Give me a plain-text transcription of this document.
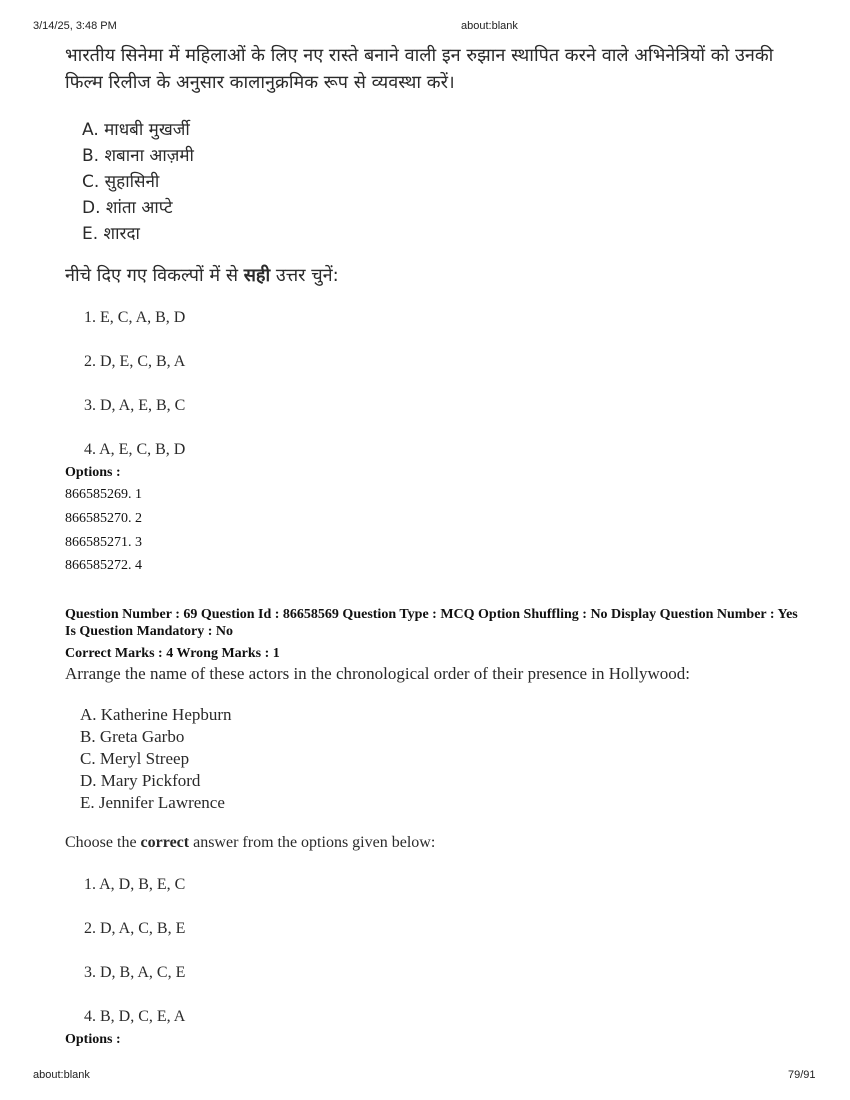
3/14/25, 3:48 PM	about:blank
भारतीय सिनेमा में महिलाओं के लिए नए रास्ते बनाने वाली इन रुझान स्थापित करने वाले अभिनेत्रियों को उनकी फिल्म रिलीज के अनुसार कालानुक्रमिक रूप से व्यवस्था करें।
A. माधबी मुखर्जी
B. शबाना आज़मी
C. सुहासिनी
D. शांता आप्टे
E. शारदा
नीचे दिए गए विकल्पों में से सही उत्तर चुनें:
1. E, C, A, B, D
2. D, E, C, B, A
3. D, A, E, B, C
4. A, E, C, B, D
Options :
866585269. 1
866585270. 2
866585271. 3
866585272. 4
Question Number : 69 Question Id : 86658569 Question Type : MCQ Option Shuffling : No Display Question Number : Yes Is Question Mandatory : No
Correct Marks : 4 Wrong Marks : 1
Arrange the name of these actors in the chronological order of their presence in Hollywood:
A. Katherine Hepburn
B. Greta Garbo
C. Meryl Streep
D. Mary Pickford
E. Jennifer Lawrence
Choose the correct answer from the options given below:
1. A, D, B, E, C
2. D, A, C, B, E
3. D, B, A, C, E
4. B, D, C, E, A
Options :
about:blank	79/91
